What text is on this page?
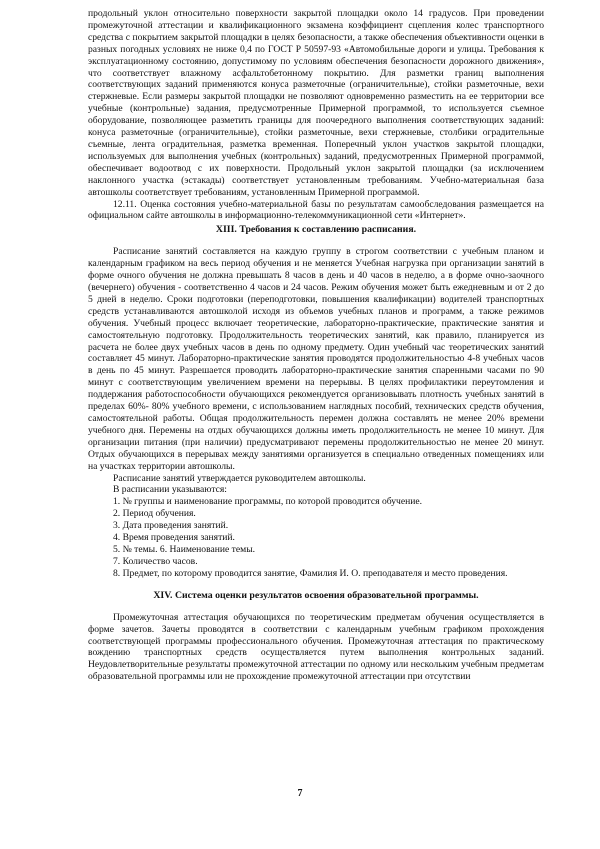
продольный уклон относительно поверхности закрытой площадки около 14 градусов. При проведении промежуточной аттестации и квалификационного экзамена коэффициент сцепления колес транспортного средства с покрытием закрытой площадки в целях безопасности, а также обеспечения объективности оценки в разных погодных условиях не ниже 0,4 по ГОСТ Р 50597-93 «Автомобильные дороги и улицы. Требования к эксплуатационному состоянию, допустимому по условиям обеспечения безопасности дорожного движения», что соответствует влажному асфальтобетонному покрытию. Для разметки границ выполнения соответствующих заданий применяются конуса разметочные (ограничительные), стойки разметочные, вехи стержневые. Если размеры закрытой площадки не позволяют одновременно разместить на ее территории все учебные (контрольные) задания, предусмотренные Примерной программой, то используется съемное оборудование, позволяющее разметить границы для поочередного выполнения соответствующих заданий: конуса разметочные (ограничительные), стойки разметочные, вехи стержневые, столбики оградительные съемные, лента оградительная, разметка временная. Поперечный уклон участков закрытой площадки, используемых для выполнения учебных (контрольных) заданий, предусмотренных Примерной программой, обеспечивает водоотвод с их поверхности. Продольный уклон закрытой площадки (за исключением наклонного участка (эстакады) соответствует установленным требованиям. Учебно-материальная база автошколы соответствует требованиям, установленным Примерной программой.

12.11. Оценка состояния учебно-материальной базы по результатам самообследования размещается на официальном сайте автошколы в информационно-телекоммуникационной сети «Интернет».

XIII. Требования к составлению расписания.

Расписание занятий составляется на каждую группу в строгом соответствии с учебным планом и календарным графиком на весь период обучения и не меняется Учебная нагрузка при организации занятий в форме очного обучения не должна превышать 8 часов в день и 40 часов в неделю, а в форме очно-заочного (вечернего) обучения - соответственно 4 часов и 24 часов. Режим обучения может быть ежедневным и от 2 до 5 дней в неделю. Сроки подготовки (переподготовки, повышения квалификации) водителей транспортных средств устанавливаются автошколой исходя из объемов учебных планов и программ, а также режимов обучения. Учебный процесс включает теоретические, лабораторно-практические, практические занятия и самостоятельную подготовку. Продолжительность теоретических занятий, как правило, планируется из расчета не более двух учебных часов в день по одному предмету. Один учебный час теоретических занятий составляет 45 минут. Лабораторно-практические занятия проводятся продолжительностью 4-8 учебных часов в день по 45 минут. Разрешается проводить лабораторно-практические занятия спаренными часами по 90 минут с соответствующим увеличением времени на перерывы. В целях профилактики переутомления и поддержания работоспособности обучающихся рекомендуется организовывать плотность учебных занятий в пределах 60%- 80% учебного времени, с использованием наглядных пособий, технических средств обучения, самостоятельной работы. Общая продолжительность перемен должна составлять не менее 20% времени учебного дня. Перемены на отдых обучающихся должны иметь продолжительность не менее 10 минут. Для организации питания (при наличии) предусматривают перемены продолжительностью не менее 20 минут. Отдых обучающихся в перерывах между занятиями организуется в специально отведенных помещениях или на участках территории автошколы.

Расписание занятий утверждается руководителем автошколы.

В расписании указываются:

1. № группы и наименование программы, по которой проводится обучение.
2. Период обучения.
3. Дата проведения занятий.
4. Время проведения занятий.
5. № темы. 6. Наименование темы.
7. Количество часов.
8. Предмет, по которому проводится занятие, Фамилия И. О. преподавателя и место проведения.

XIV. Система оценки результатов освоения образовательной программы.

Промежуточная аттестация обучающихся по теоретическим предметам обучения осуществляется в форме зачетов. Зачеты проводятся в соответствии с календарным учебным графиком прохождения соответствующей программы профессионального обучения. Промежуточная аттестация по практическому вождению транспортных средств осуществляется путем выполнения контрольных заданий. Неудовлетворительные результаты промежуточной аттестации по одному или нескольким учебным предметам образовательной программы или не прохождение промежуточной аттестации при отсутствии

7
